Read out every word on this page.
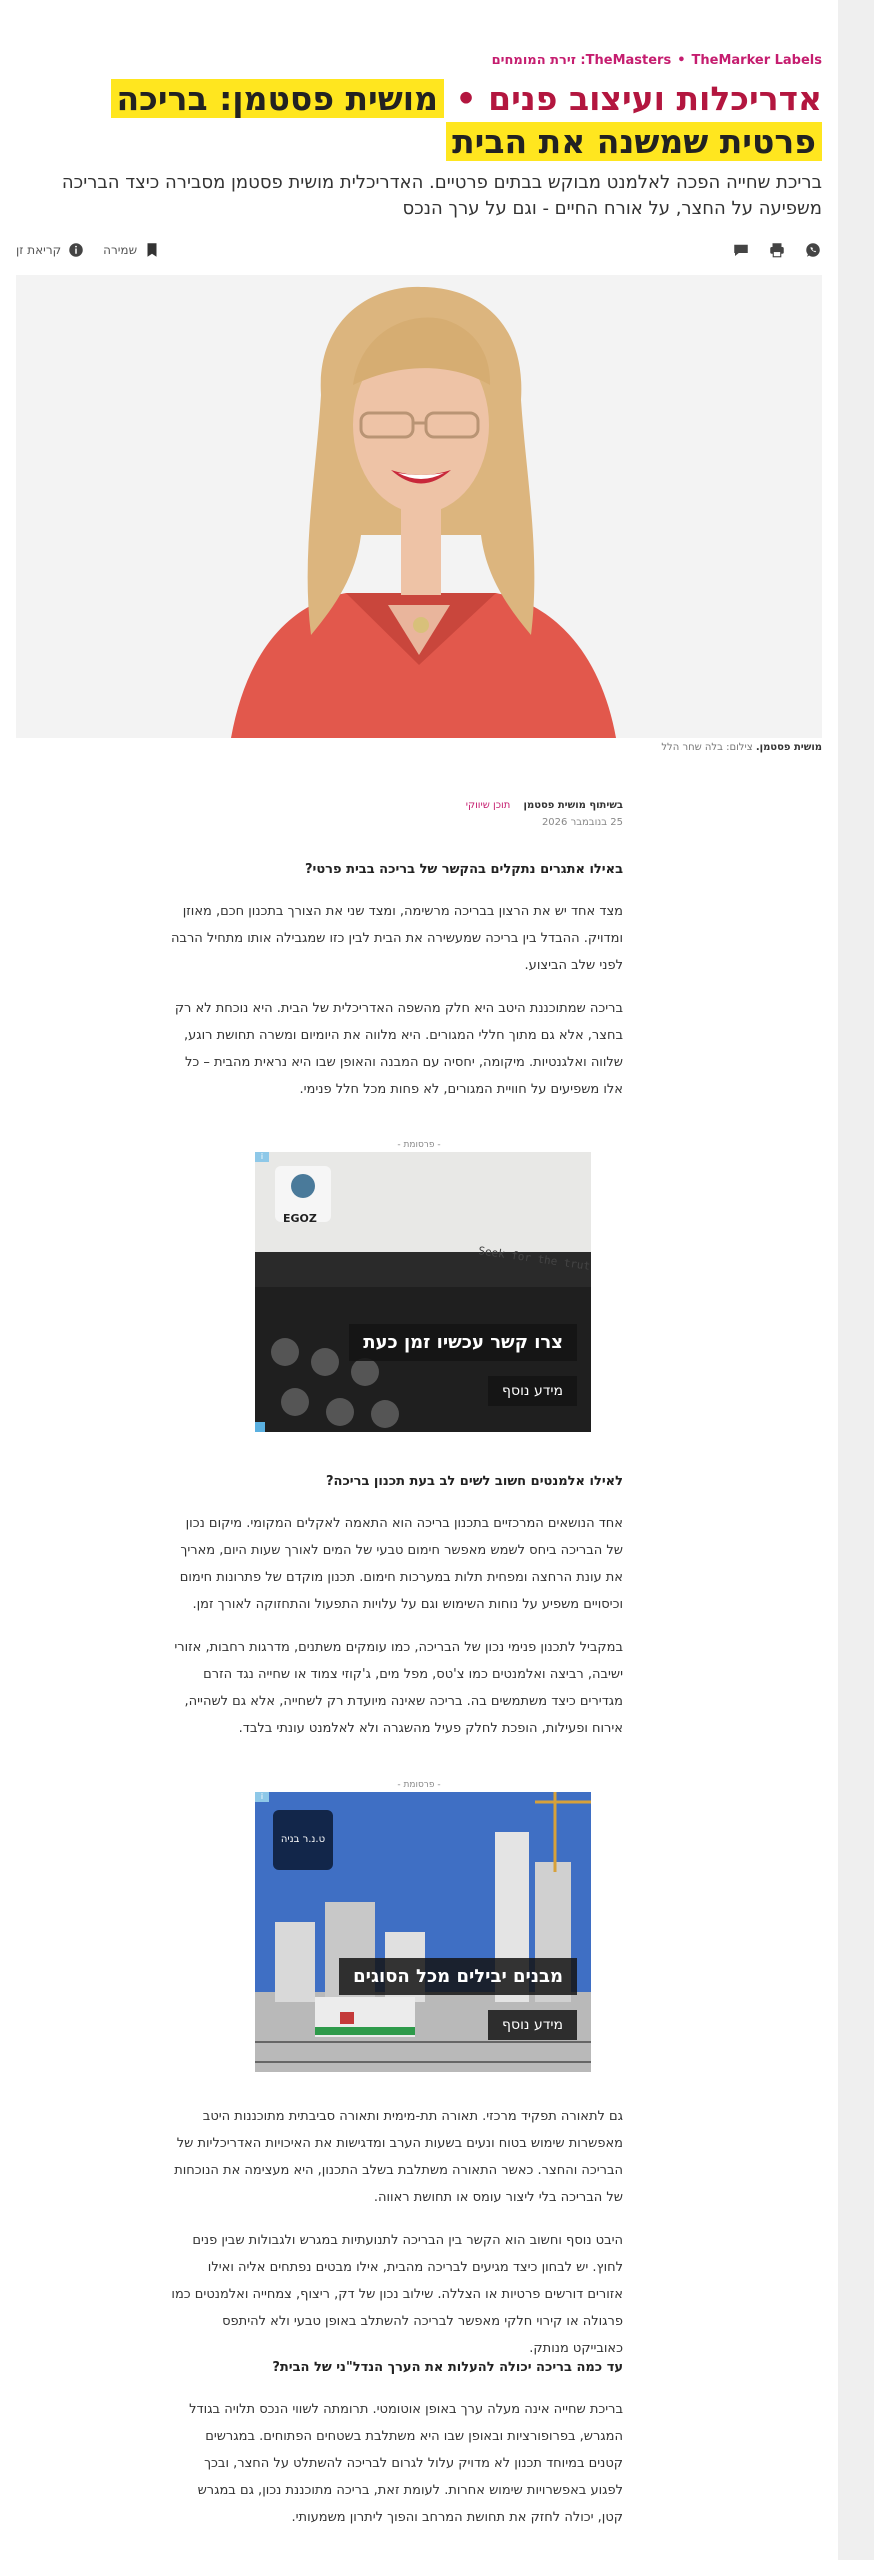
TheMarker Labels
•
TheMasters: זירת המומחים
אדריכלות ועיצוב פנים • מושית פסטמן: בריכה פרטית שמשנה את הבית

בריכת שחייה הפכה לאלמנט מבוקש בבתים פרטיים. האדריכלית מושית פסטמן מסבירה כיצד הבריכה משפיעה על החצר, על אורח החיים - וגם על ערך הנכס

שמירה
קריאת זן
מושית פסטמן. צילום: בלה שחר הלל
בשיתוף מושית פסטמן תוכן שיווקי
25 בנובמבר 2026
באילו אתגרים נתקלים בהקשר של בריכה בבית פרטי?

מצד אחד יש את הרצון בבריכה מרשימה, ומצד שני את הצורך בתכנון חכם, מאוזן ומדויק. ההבדל בין בריכה שמעשירה את הבית לבין כזו שמגבילה אותו מתחיל הרבה לפני שלב הביצוע.

בריכה שמתוכננת היטב היא חלק מהשפה האדריכלית של הבית. היא נוכחת לא רק בחצר, אלא גם מתוך חללי המגורים. היא מלווה את היומיום ומשרה תחושת רוגע, שלווה ואלגנטיות. מיקומה, יחסיה עם המבנה והאופן שבו היא נראית מהבית – כל אלו משפיעים על חוויית המגורים, לא פחות מכל חלל פנימי.

- פרסומת -
EGOZ
Seek for the trut
צרו קשר עכשיו זמן כעת
מידע נוסף
i
לאילו אלמנטים חשוב לשים לב בעת תכנון בריכה?

אחד הנושאים המרכזיים בתכנון בריכה הוא התאמה לאקלים המקומי. מיקום נכון של הבריכה ביחס לשמש מאפשר חימום טבעי של המים לאורך שעות היום, מאריך את עונת הרחצה ומפחית תלות במערכות חימום. תכנון מוקדם של פתרונות חימום וכיסויים משפיע על נוחות השימוש וגם על עלויות התפעול והתחזוקה לאורך זמן.

במקביל לתכנון פנימי נכון של הבריכה, כמו עומקים משתנים, מדרגות רחבות, אזורי ישיבה, רביצה ואלמנטים כמו צ'טס, מפל מים, ג'קוזי צמוד או שחייה נגד הזרם מגדירים כיצד משתמשים בה. בריכה שאינה מיועדת רק לשחייה, אלא גם לשהייה, אירוח ופעילות, הופכת לחלק פעיל מהשגרה ולא לאלמנט עונתי בלבד.

- פרסומת -
ט.נ.ר בניה
מבנים יבילים מכל הסוגים
מידע נוסף
i

גם לתאורה תפקיד מרכזי. תאורה תת-מימית ותאורה סביבתית מתוכננות היטב מאפשרות שימוש בטוח ונעים בשעות הערב ומדגישות את האיכויות האדריכליות של הבריכה והחצר. כאשר התאורה משתלבת בשלב התכנון, היא מעצימה את הנוכחות של הבריכה בלי ליצור עומס או תחושת ראווה.

היבט נוסף וחשוב הוא הקשר בין הבריכה לתנועתיות במגרש ולגבולות שבין פנים לחוץ. יש לבחון כיצד מגיעים לבריכה מהבית, אילו מבטים נפתחים אליה ואילו אזורים דורשים פרטיות או הצללה. שילוב נכון של דק, ריצוף, צמחייה ואלמנטים כמו פרגולה או קירוי חלקי מאפשר לבריכה להשתלב באופן טבעי ולא להיתפס כאובייקט מנותק.

עד כמה בריכה יכולה להעלות את הערך הנדל"ני של הבית?

בריכת שחייה אינה מעלה ערך באופן אוטומטי. תרומתה לשווי הנכס תלויה בגודל המגרש, בפרופורציות ובאופן שבו היא משתלבת בשטחים הפתוחים. במגרשים קטנים במיוחד תכנון לא מדויק עלול לגרום לבריכה להשתלט על החצר, ובכך לפגוע באפשרויות שימוש אחרות. לעומת זאת, בריכה מתוכננת נכון, גם במגרש קטן, יכולה לחזק את תחושת המרחב והפוך ליתרון משמעותי.
